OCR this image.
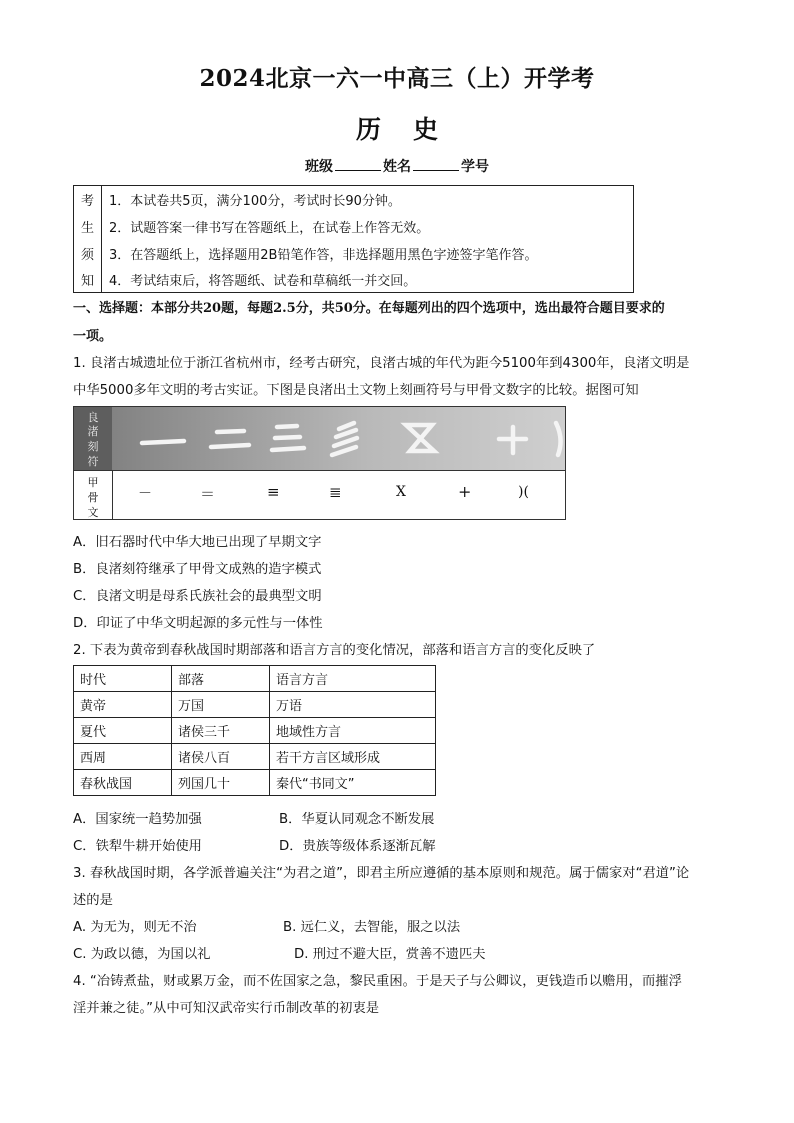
2024北京一六一中高三（上）开学考
历史
班级	姓名	学号
考
生
须
知
1．本试卷共5页，满分100分，考试时长90分钟。
2．试题答案一律书写在答题纸上，在试卷上作答无效。
3．在答题纸上，选择题用2B铅笔作答，非选择题用黑色字迹签字笔作答。
4．考试结束后，将答题纸、试卷和草稿纸一并交回。
一、选择题：本部分共20题，每题2.5分，共50分。在每题列出的四个选项中，选出最符合题目要求的
一项。
1. 良渚古城遗址位于浙江省杭州市，经考古研究，良渚古城的年代为距今5100年到4300年，良渚文明是
中华5000多年文明的考古实证。下图是良渚出土文物上刻画符号与甲骨文数字的比较。据图可知
良
渚
刻
符
甲
骨
文
－	＝	≡	≣	X	+	)(
A．旧石器时代中华大地已出现了早期文字
B．良渚刻符继承了甲骨文成熟的造字模式
C．良渚文明是母系氏族社会的最典型文明
D．印证了中华文明起源的多元性与一体性
2. 下表为黄帝到春秋战国时期部落和语言方言的变化情况，部落和语言方言的变化反映了
时代	部落	语言方言
黄帝	万国	万语
夏代	诸侯三千	地域性方言
西周	诸侯八百	若干方言区域形成
春秋战国	列国几十	秦代“书同文”
A．国家统一趋势加强	B．华夏认同观念不断发展
C．铁犁牛耕开始使用	D．贵族等级体系逐渐瓦解
3. 春秋战国时期，各学派普遍关注“为君之道”，即君主所应遵循的基本原则和规范。属于儒家对“君道”论
述的是
A. 为无为，则无不治	B. 远仁义，去智能，服之以法
C. 为政以德，为国以礼	D. 刑过不避大臣，赏善不遗匹夫
4. “冶铸煮盐，财或累万金，而不佐国家之急，黎民重困。于是天子与公卿议，更钱造币以赡用，而摧浮
淫并兼之徒。”从中可知汉武帝实行币制改革的初衷是
